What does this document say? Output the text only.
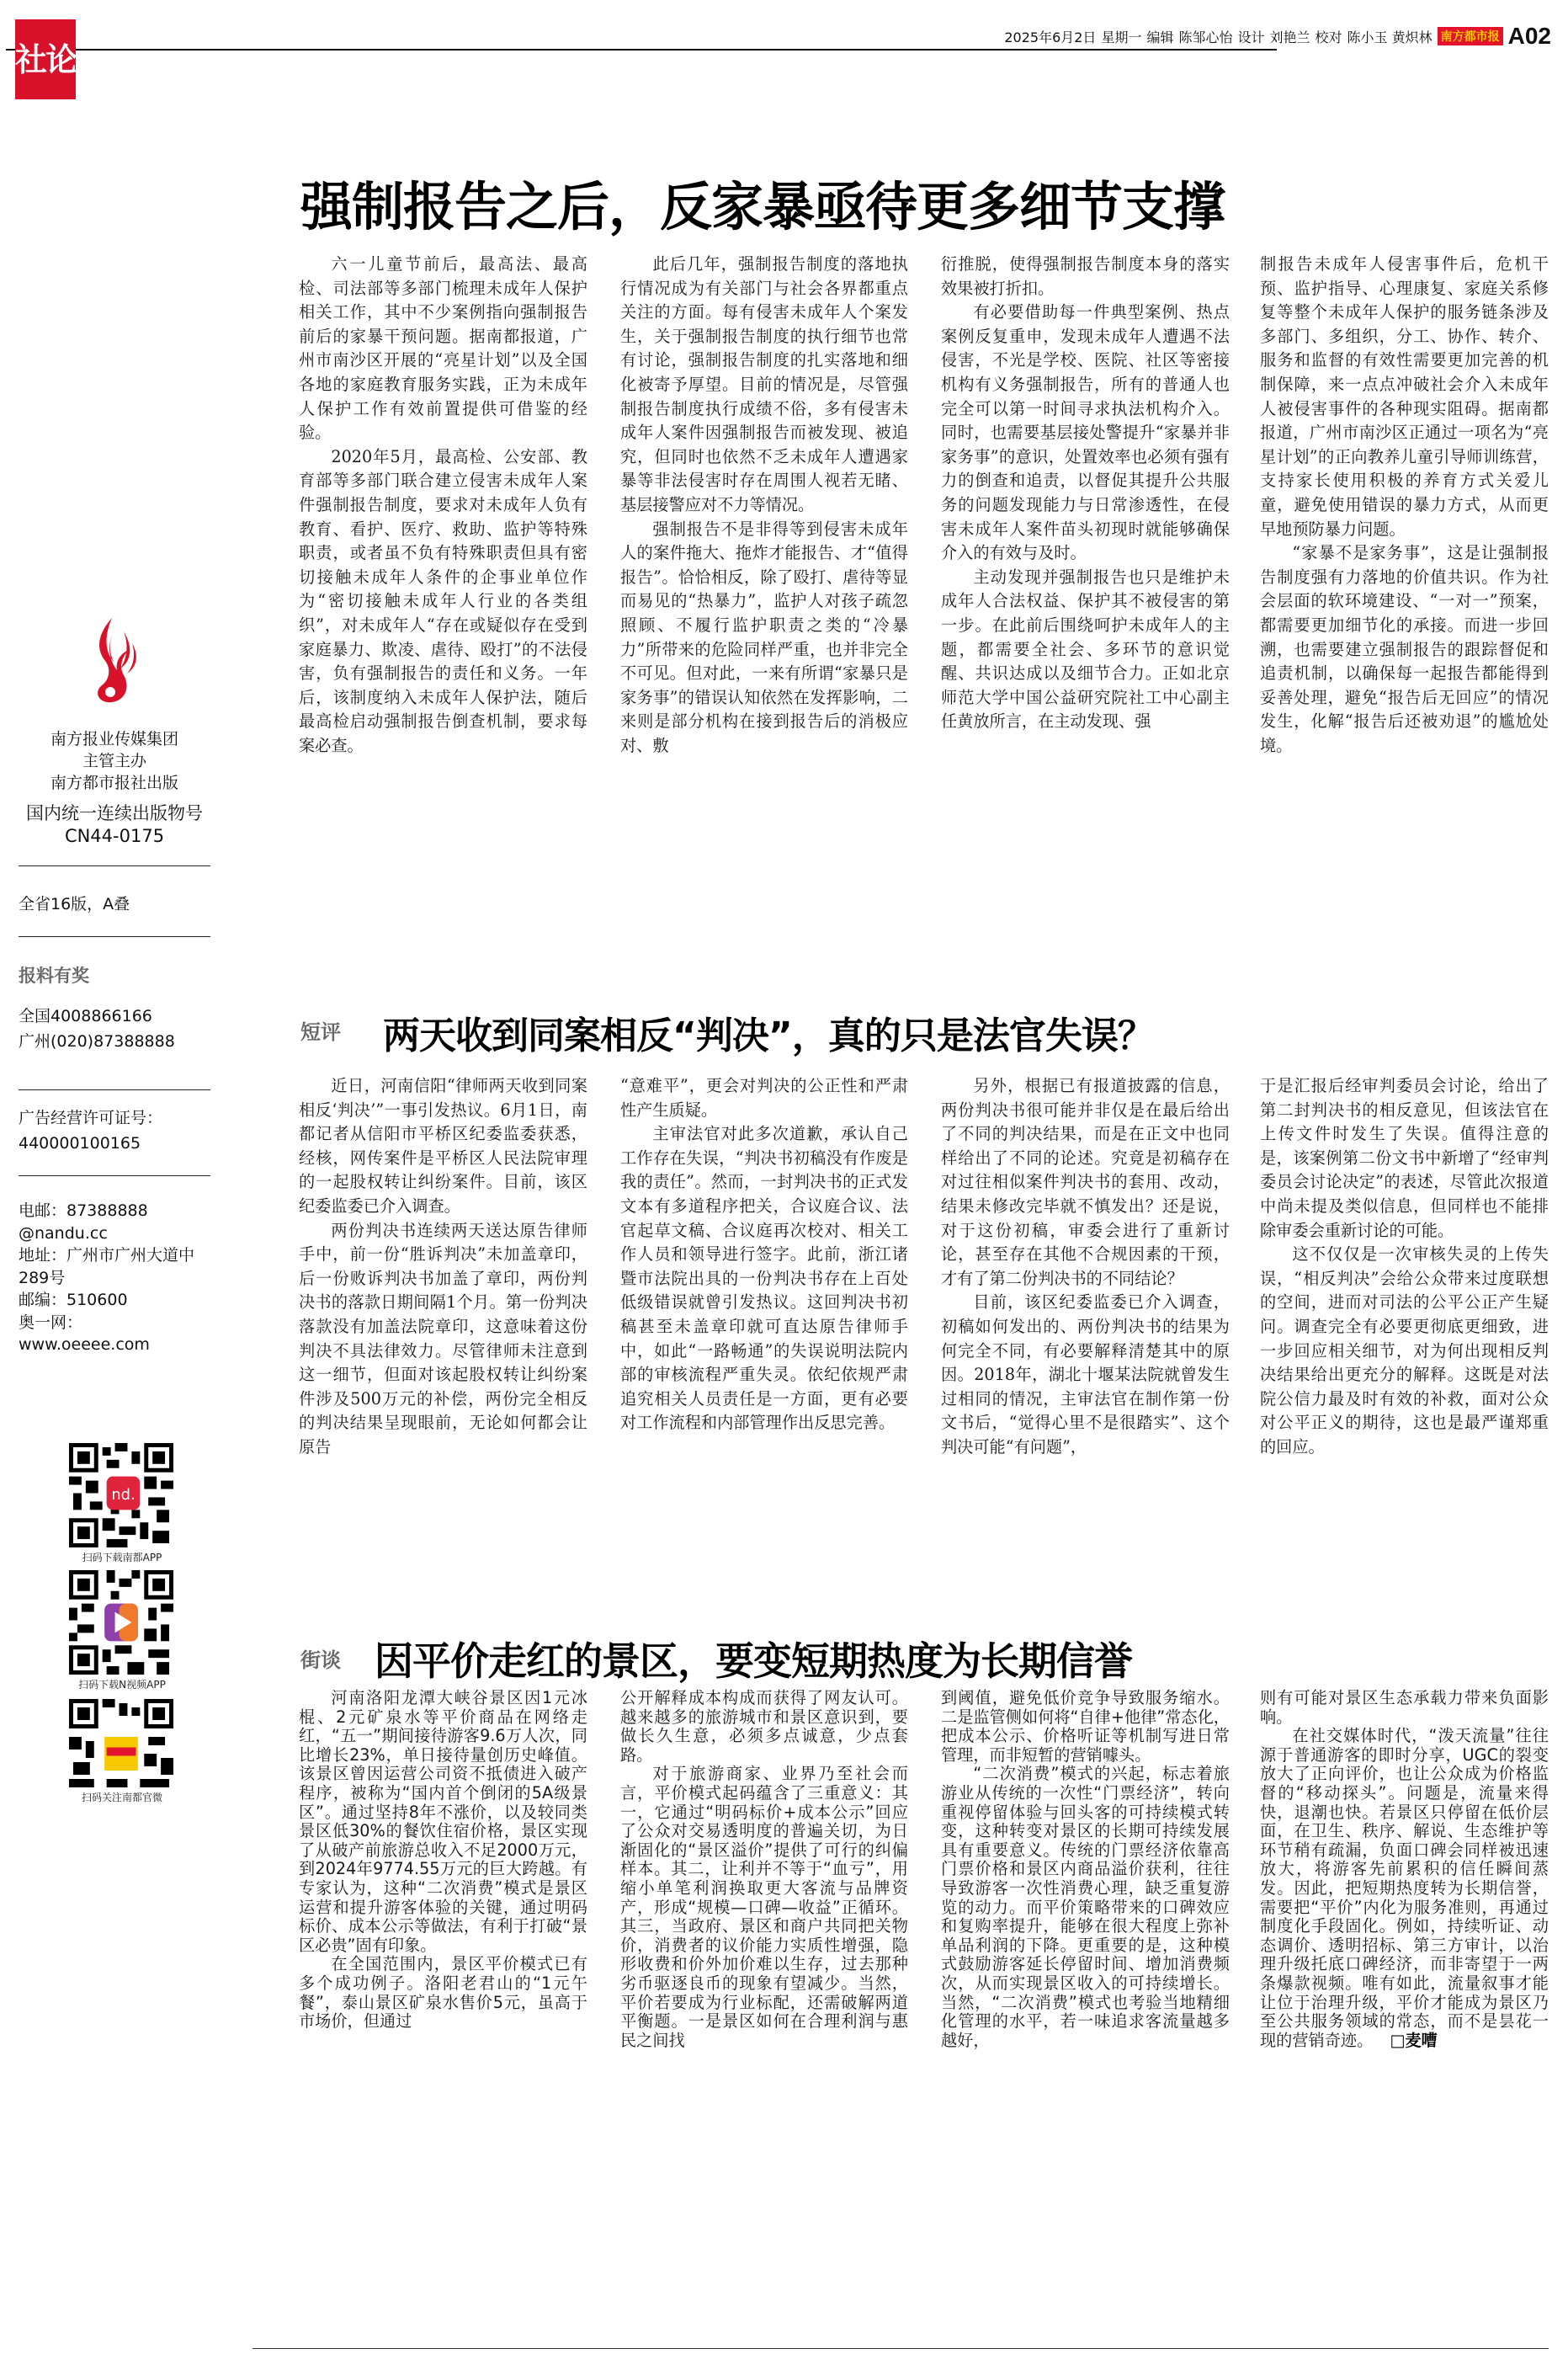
社论
2025年6月2日 星期一 编辑 陈邹心怡 设计 刘艳兰 校对 陈小玉 黄炽林 南方都市报 A02
南方报业传媒集团
主管主办
南方都市报社出版
国内统一连续出版物号
CN44-0175
全省16版，A叠
报料有奖
全国4008866166
广州(020)87388888
广告经营许可证号：
440000100165
电邮：87388888
@nandu.cc
地址：广州市广州大道中
289号
邮编：510600
奥一网：
www.oeeee.com
nd.
扫码下载南都APP
扫码下载N视频APP
扫码关注南都官微
强制报告之后，反家暴亟待更多细节支撑

六一儿童节前后，最高法、最高检、司法部等多部门梳理未成年人保护相关工作，其中不少案例指向强制报告前后的家暴干预问题。据南都报道，广州市南沙区开展的“亮星计划”以及全国各地的家庭教育服务实践，正为未成年人保护工作有效前置提供可借鉴的经验。

2020年5月，最高检、公安部、教育部等多部门联合建立侵害未成年人案件强制报告制度，要求对未成年人负有教育、看护、医疗、救助、监护等特殊职责，或者虽不负有特殊职责但具有密切接触未成年人条件的企事业单位作为“密切接触未成年人行业的各类组织”，对未成年人“存在或疑似存在受到家庭暴力、欺凌、虐待、殴打”的不法侵害，负有强制报告的责任和义务。一年后，该制度纳入未成年人保护法，随后最高检启动强制报告倒查机制，要求每案必查。

此后几年，强制报告制度的落地执行情况成为有关部门与社会各界都重点关注的方面。每有侵害未成年人个案发生，关于强制报告制度的执行细节也常有讨论，强制报告制度的扎实落地和细化被寄予厚望。目前的情况是，尽管强制报告制度执行成绩不俗，多有侵害未成年人案件因强制报告而被发现、被追究，但同时也依然不乏未成年人遭遇家暴等非法侵害时存在周围人视若无睹、基层接警应对不力等情况。

强制报告不是非得等到侵害未成年人的案件拖大、拖炸才能报告、才“值得报告”。恰恰相反，除了殴打、虐待等显而易见的“热暴力”，监护人对孩子疏忽照顾、不履行监护职责之类的“冷暴力”所带来的危险同样严重，也并非完全不可见。但对此，一来有所谓“家暴只是家务事”的错误认知依然在发挥影响，二来则是部分机构在接到报告后的消极应对、敷

衍推脱，使得强制报告制度本身的落实效果被打折扣。

有必要借助每一件典型案例、热点案例反复重申，发现未成年人遭遇不法侵害，不光是学校、医院、社区等密接机构有义务强制报告，所有的普通人也完全可以第一时间寻求执法机构介入。同时，也需要基层接处警提升“家暴并非家务事”的意识，处置效率也必须有强有力的倒查和追责，以督促其提升公共服务的问题发现能力与日常渗透性，在侵害未成年人案件苗头初现时就能够确保介入的有效与及时。

主动发现并强制报告也只是维护未成年人合法权益、保护其不被侵害的第一步。在此前后围绕呵护未成年人的主题，都需要全社会、多环节的意识觉醒、共识达成以及细节合力。正如北京师范大学中国公益研究院社工中心副主任黄放所言，在主动发现、强

制报告未成年人侵害事件后，危机干预、监护指导、心理康复、家庭关系修复等整个未成年人保护的服务链条涉及多部门、多组织，分工、协作、转介、服务和监督的有效性需要更加完善的机制保障，来一点点冲破社会介入未成年人被侵害事件的各种现实阻碍。据南都报道，广州市南沙区正通过一项名为“亮星计划”的正向教养儿童引导师训练营，支持家长使用积极的养育方式关爱儿童，避免使用错误的暴力方式，从而更早地预防暴力问题。

“家暴不是家务事”，这是让强制报告制度强有力落地的价值共识。作为社会层面的软环境建设、“一对一”预案，都需要更加细节化的承接。而进一步回溯，也需要建立强制报告的跟踪督促和追责机制，以确保每一起报告都能得到妥善处理，避免“报告后无回应”的情况发生，化解“报告后还被劝退”的尴尬处境。

短评 两天收到同案相反“判决”，真的只是法官失误？

近日，河南信阳“律师两天收到同案相反‘判决’”一事引发热议。6月1日，南都记者从信阳市平桥区纪委监委获悉，经核，网传案件是平桥区人民法院审理的一起股权转让纠纷案件。目前，该区纪委监委已介入调查。

两份判决书连续两天送达原告律师手中，前一份“胜诉判决”未加盖章印，后一份败诉判决书加盖了章印，两份判决书的落款日期间隔1个月。第一份判决落款没有加盖法院章印，这意味着这份判决不具法律效力。尽管律师未注意到这一细节，但面对该起股权转让纠纷案件涉及500万元的补偿，两份完全相反的判决结果呈现眼前，无论如何都会让原告

“意难平”，更会对判决的公正性和严肃性产生质疑。

主审法官对此多次道歉，承认自己工作存在失误，“判决书初稿没有作废是我的责任”。然而，一封判决书的正式发文本有多道程序把关，合议庭合议、法官起草文稿、合议庭再次校对、相关工作人员和领导进行签字。此前，浙江诸暨市法院出具的一份判决书存在上百处低级错误就曾引发热议。这回判决书初稿甚至未盖章印就可直达原告律师手中，如此“一路畅通”的失误说明法院内部的审核流程严重失灵。依纪依规严肃追究相关人员责任是一方面，更有必要对工作流程和内部管理作出反思完善。

另外，根据已有报道披露的信息，两份判决书很可能并非仅是在最后给出了不同的判决结果，而是在正文中也同样给出了不同的论述。究竟是初稿存在对过往相似案件判决书的套用、改动，结果未修改完毕就不慎发出？还是说，对于这份初稿，审委会进行了重新讨论，甚至存在其他不合规因素的干预，才有了第二份判决书的不同结论？

目前，该区纪委监委已介入调查，初稿如何发出的、两份判决书的结果为何完全不同，有必要解释清楚其中的原因。2018年，湖北十堰某法院就曾发生过相同的情况，主审法官在制作第一份文书后，“觉得心里不是很踏实”、这个判决可能“有问题”，

于是汇报后经审判委员会讨论，给出了第二封判决书的相反意见，但该法官在上传文件时发生了失误。值得注意的是，该案例第二份文书中新增了“经审判委员会讨论决定”的表述，尽管此次报道中尚未提及类似信息，但同样也不能排除审委会重新讨论的可能。

这不仅仅是一次审核失灵的上传失误，“相反判决”会给公众带来过度联想的空间，进而对司法的公平公正产生疑问。调查完全有必要更彻底更细致，进一步回应相关细节，对为何出现相反判决结果给出更充分的解释。这既是对法院公信力最及时有效的补救，面对公众对公平正义的期待，这也是最严谨郑重的回应。

街谈 因平价走红的景区，要变短期热度为长期信誉

河南洛阳龙潭大峡谷景区因1元冰棍、2元矿泉水等平价商品在网络走红，“五一”期间接待游客9.6万人次，同比增长23%，单日接待量创历史峰值。该景区曾因运营公司资不抵债进入破产程序，被称为“国内首个倒闭的5A级景区”。通过坚持8年不涨价，以及较同类景区低30%的餐饮住宿价格，景区实现了从破产前旅游总收入不足2000万元，到2024年9774.55万元的巨大跨越。有专家认为，这种“二次消费”模式是景区运营和提升游客体验的关键，通过明码标价、成本公示等做法，有利于打破“景区必贵”固有印象。

在全国范围内，景区平价模式已有多个成功例子。洛阳老君山的“1元午餐”，泰山景区矿泉水售价5元，虽高于市场价，但通过

公开解释成本构成而获得了网友认可。越来越多的旅游城市和景区意识到，要做长久生意，必须多点诚意，少点套路。

对于旅游商家、业界乃至社会而言，平价模式起码蕴含了三重意义：其一，它通过“明码标价+成本公示”回应了公众对交易透明度的普遍关切，为日渐固化的“景区溢价”提供了可行的纠偏样本。其二，让利并不等于“血亏”，用缩小单笔利润换取更大客流与品牌资产，形成“规模—口碑—收益”正循环。其三，当政府、景区和商户共同把关物价，消费者的议价能力实质性增强，隐形收费和价外加价难以生存，过去那种劣币驱逐良币的现象有望减少。当然，平价若要成为行业标配，还需破解两道平衡题。一是景区如何在合理利润与惠民之间找

到阈值，避免低价竞争导致服务缩水。二是监管侧如何将“自律+他律”常态化，把成本公示、价格听证等机制写进日常管理，而非短暂的营销噱头。

“二次消费”模式的兴起，标志着旅游业从传统的一次性“门票经济”，转向重视停留体验与回头客的可持续模式转变，这种转变对景区的长期可持续发展具有重要意义。传统的门票经济依靠高门票价格和景区内商品溢价获利，往往导致游客一次性消费心理，缺乏重复游览的动力。而平价策略带来的口碑效应和复购率提升，能够在很大程度上弥补单品利润的下降。更重要的是，这种模式鼓励游客延长停留时间、增加消费频次，从而实现景区收入的可持续增长。当然，“二次消费”模式也考验当地精细化管理的水平，若一味追求客流量越多越好，

则有可能对景区生态承载力带来负面影响。

在社交媒体时代，“泼天流量”往往源于普通游客的即时分享，UGC的裂变放大了正向评价，也让公众成为价格监督的“移动探头”。问题是，流量来得快，退潮也快。若景区只停留在低价层面，在卫生、秩序、解说、生态维护等环节稍有疏漏，负面口碑会同样被迅速放大，将游客先前累积的信任瞬间蒸发。因此，把短期热度转为长期信誉，需要把“平价”内化为服务准则，再通过制度化手段固化。例如，持续听证、动态调价、透明招标、第三方审计，以治理升级托底口碑经济，而非寄望于一两条爆款视频。唯有如此，流量叙事才能让位于治理升级，平价才能成为景区乃至公共服务领域的常态，而不是昙花一现的营销奇迹。 □麦嘈
